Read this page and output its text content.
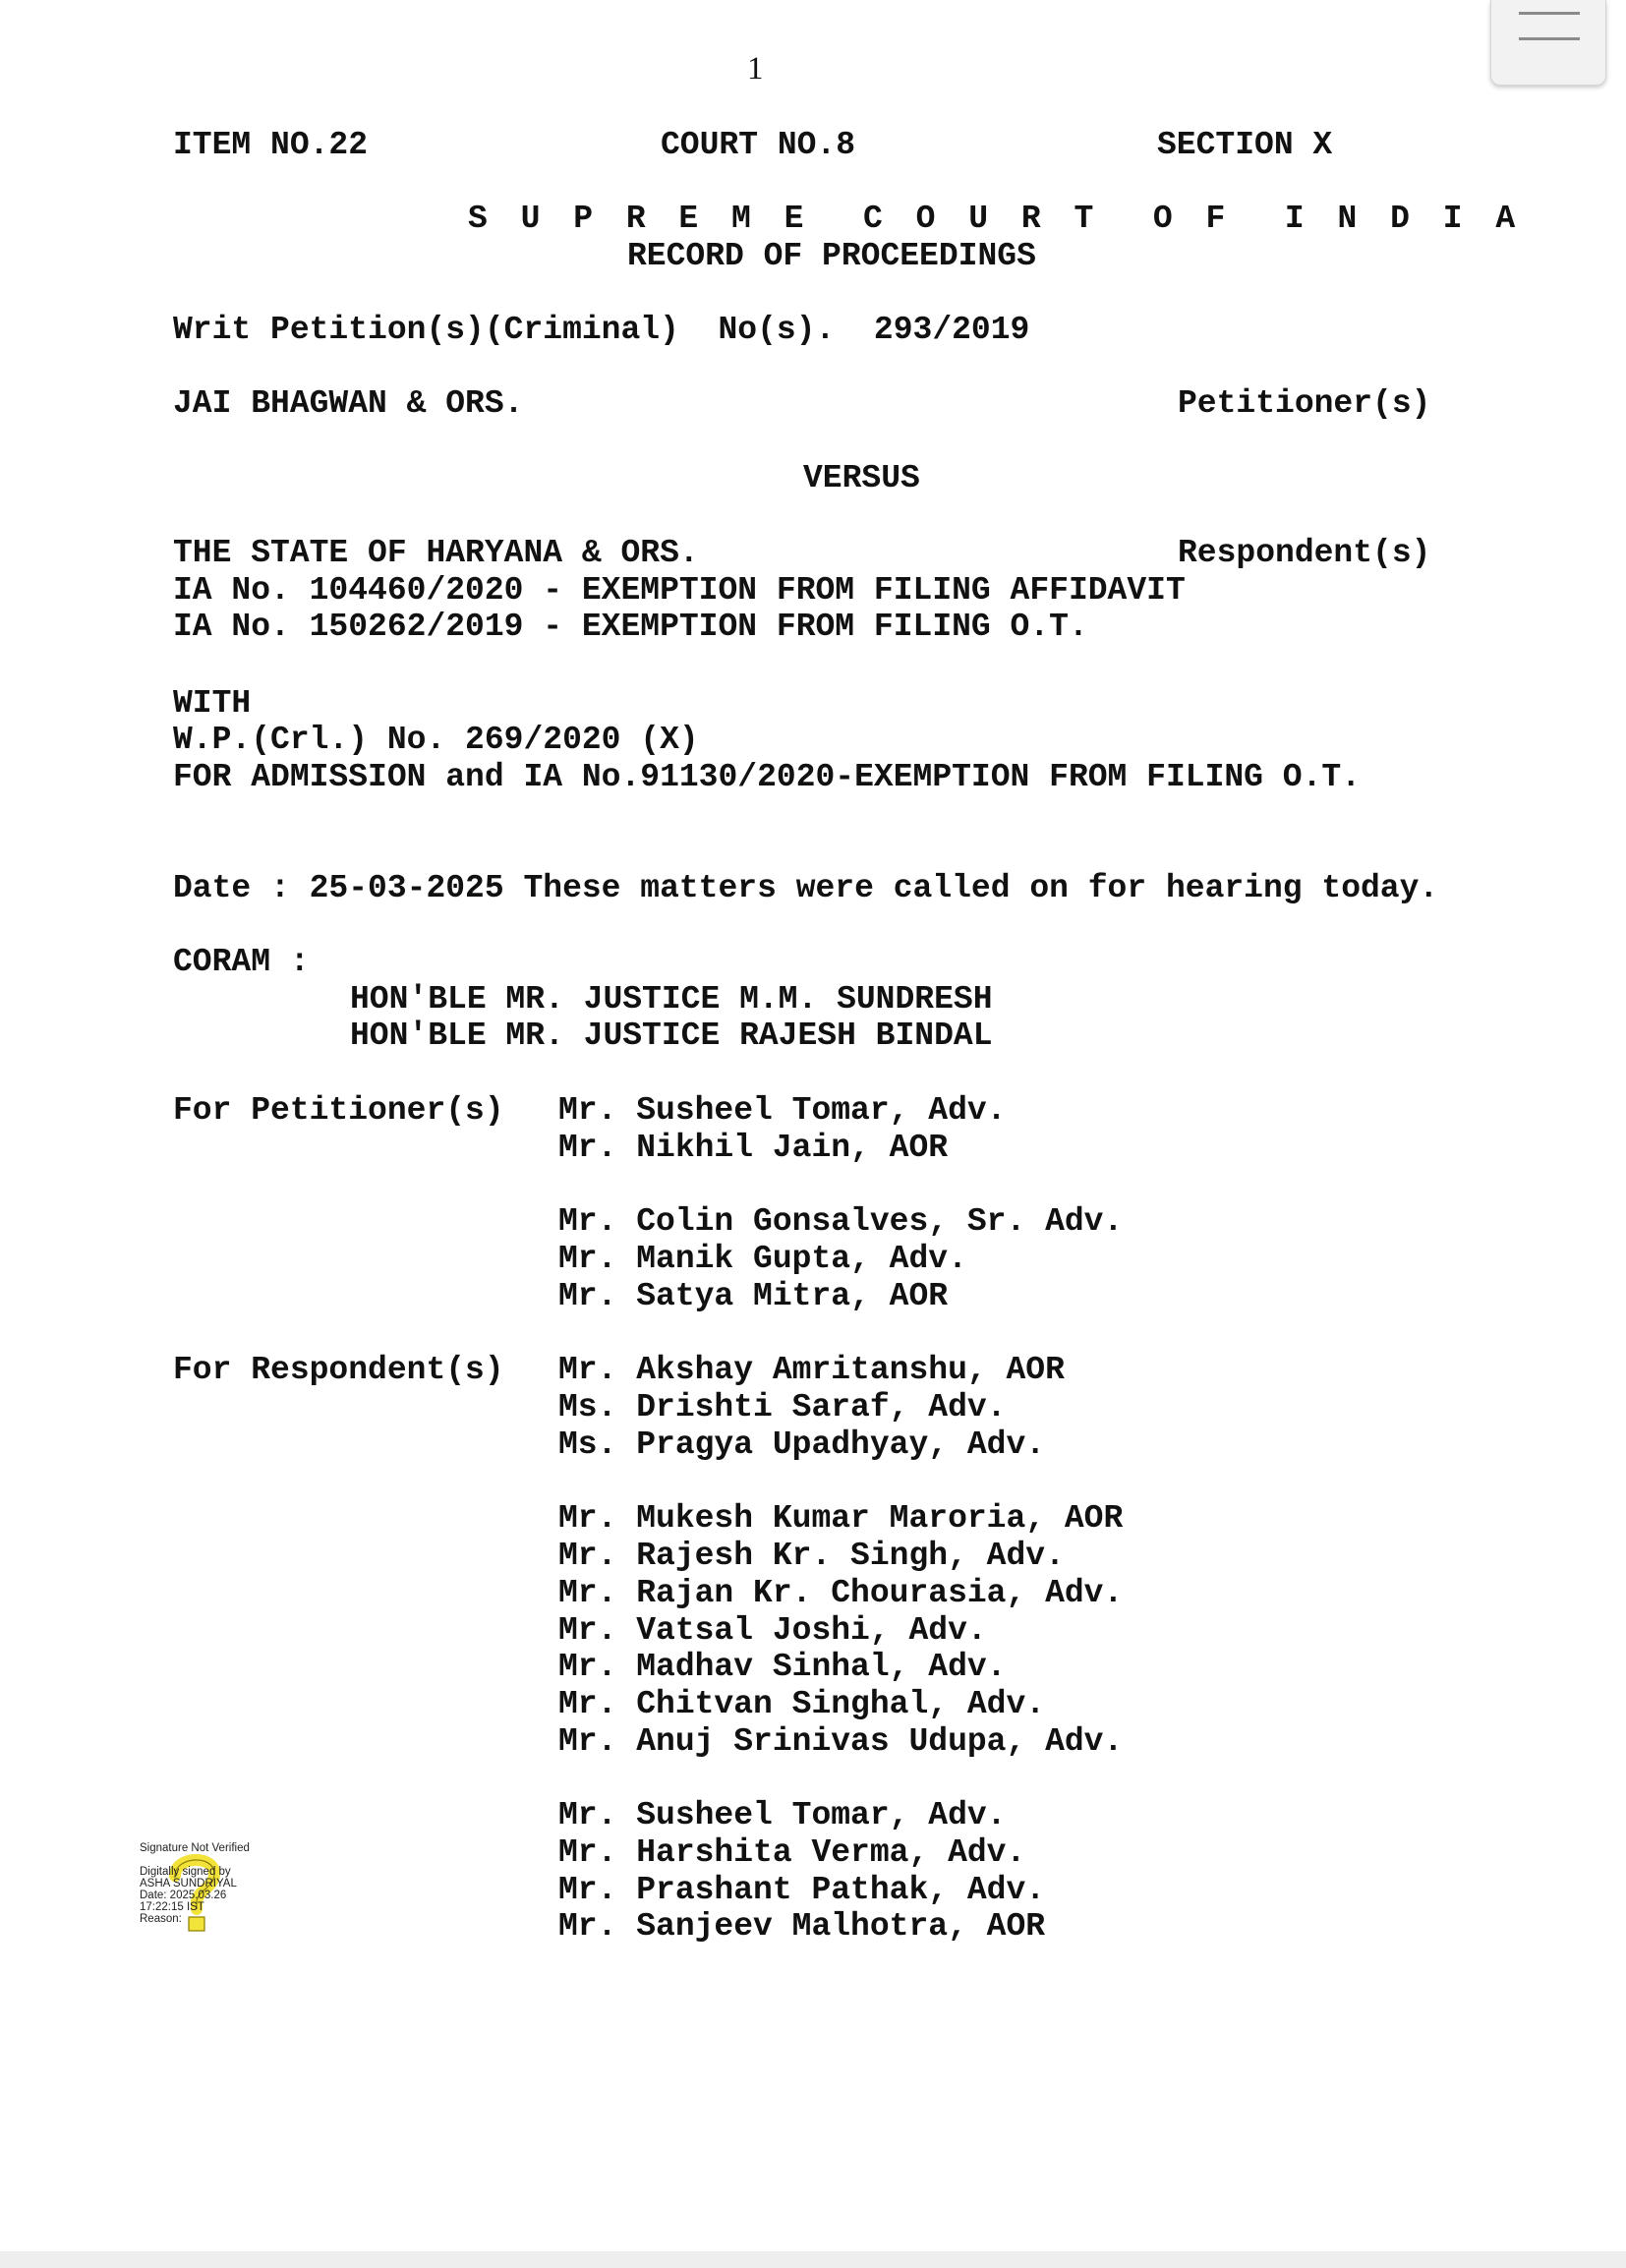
1
ITEM NO.22	COURT NO.8	SECTION X
S U P R E M E  C O U R T  O F  I N D I A
RECORD OF PROCEEDINGS
Writ Petition(s)(Criminal)  No(s).  293/2019
JAI BHAGWAN & ORS.	Petitioner(s)
VERSUS
THE STATE OF HARYANA & ORS.	Respondent(s)
IA No. 104460/2020 - EXEMPTION FROM FILING AFFIDAVIT
IA No. 150262/2019 - EXEMPTION FROM FILING O.T.
WITH
W.P.(Crl.) No. 269/2020 (X)
FOR ADMISSION and IA No.91130/2020-EXEMPTION FROM FILING O.T.
Date : 25-03-2025 These matters were called on for hearing today.
CORAM :
HON'BLE MR. JUSTICE M.M. SUNDRESH
HON'BLE MR. JUSTICE RAJESH BINDAL
For Petitioner(s) Mr. Susheel Tomar, Adv.
Mr. Nikhil Jain, AOR
Mr. Colin Gonsalves, Sr. Adv.
Mr. Manik Gupta, Adv.
Mr. Satya Mitra, AOR
For Respondent(s) Mr. Akshay Amritanshu, AOR
Ms. Drishti Saraf, Adv.
Ms. Pragya Upadhyay, Adv.
Mr. Mukesh Kumar Maroria, AOR
Mr. Rajesh Kr. Singh, Adv.
Mr. Rajan Kr. Chourasia, Adv.
Mr. Vatsal Joshi, Adv.
Mr. Madhav Sinhal, Adv.
Mr. Chitvan Singhal, Adv.
Mr. Anuj Srinivas Udupa, Adv.
Mr. Susheel Tomar, Adv.
Mr. Harshita Verma, Adv.
Mr. Prashant Pathak, Adv.
Mr. Sanjeev Malhotra, AOR
Signature Not Verified

Digitally signed by
ASHA SUNDRIYAL
Date: 2025.03.26
17:22:15 IST
Reason:
